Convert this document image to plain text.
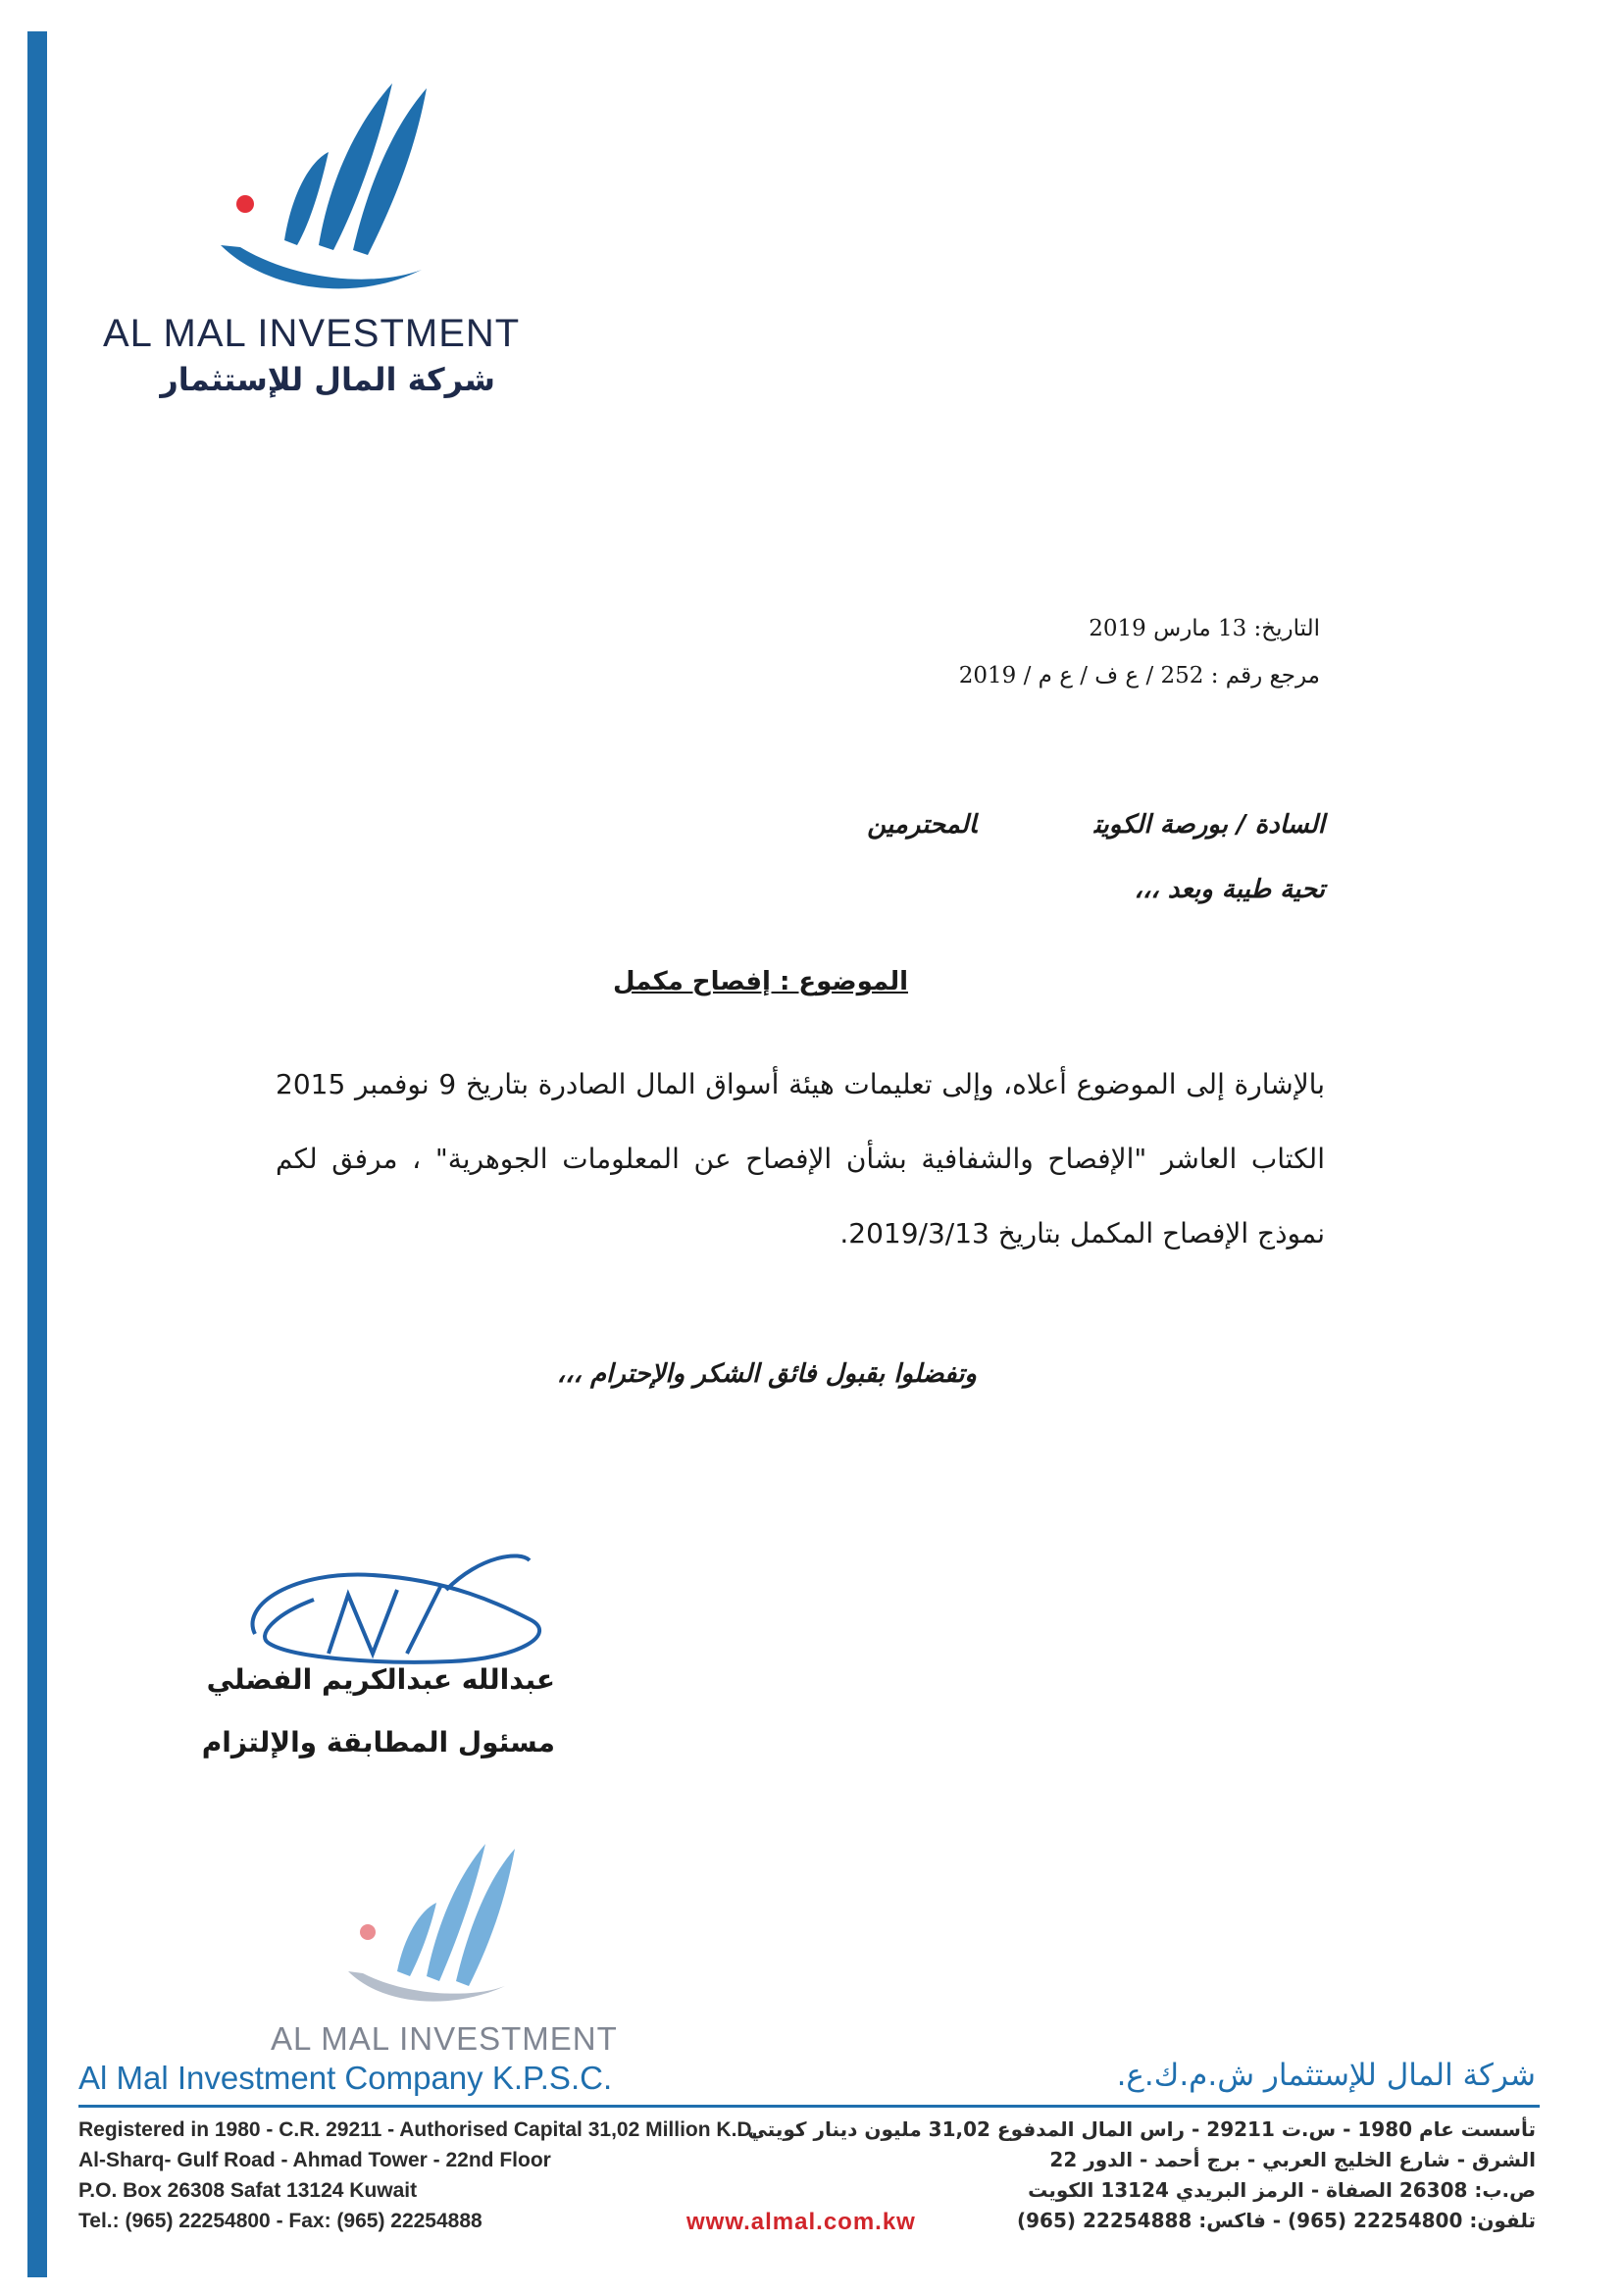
AL MAL INVESTMENT
شركة المال للإستثمار
التاريخ: 13 مارس 2019
مرجع رقم : 252 / ع ف / ع م / 2019
السادة / بورصة الكويتالمحترمين
تحية طيبة وبعد ،،،
الموضوع : إفصاح مكمل
بالإشارة إلى الموضوع أعلاه، وإلى تعليمات هيئة أسواق المال الصادرة بتاريخ 9 نوفمبر 2015 الكتاب العاشر "الإفصاح والشفافية بشأن الإفصاح عن المعلومات الجوهرية" ، مرفق لكم نموذج الإفصاح المكمل بتاريخ 2019/3/13.
وتفضلوا بقبول فائق الشكر والإحترام ،،،
عبدالله عبدالكريم الفضلي
مسئول المطابقة والإلتزام
AL MAL INVESTMENT
Al Mal Investment Company K.P.S.C.	شركة المال للإستثمار ش.م.ك.ع.
Registered in 1980 - C.R. 29211 - Authorised Capital 31,02 Million K.D.
Al-Sharq- Gulf Road - Ahmad Tower - 22nd Floor
P.O. Box 26308 Safat 13124 Kuwait
Tel.: (965) 22254800 - Fax: (965) 22254888
تأسست عام 1980 - س.ت 29211 - راس المال المدفوع 31,02 مليون دينار كويتي
الشرق - شارع الخليج العربي - برج أحمد - الدور 22
ص.ب: 26308 الصفاة - الرمز البريدي 13124 الكويت
تلفون: 22254800 (965) - فاكس: 22254888 (965)
www.almal.com.kw
